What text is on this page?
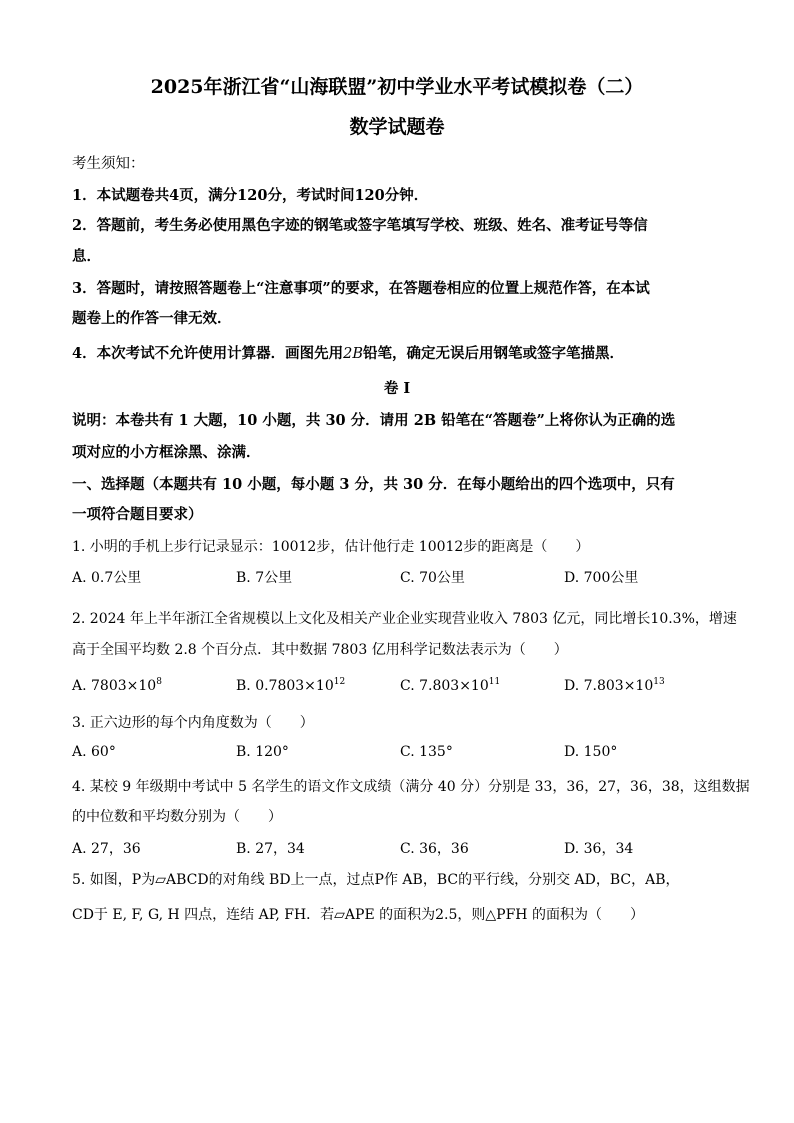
2025年浙江省“山海联盟”初中学业水平考试模拟卷（二）
数学试题卷
考生须知：
1．本试题卷共4页，满分120分，考试时间120分钟．
2．答题前，考生务必使用黑色字迹的钢笔或签字笔填写学校、班级、姓名、准考证号等信
息．
3．答题时，请按照答题卷上“注意事项”的要求，在答题卷相应的位置上规范作答，在本试
题卷上的作答一律无效．
4．本次考试不允许使用计算器．画图先用2B铅笔，确定无误后用钢笔或签字笔描黑．
卷 I
说明：本卷共有 1 大题，10 小题，共 30 分．请用 2B 铅笔在“答题卷”上将你认为正确的选
项对应的小方框涂黑、涂满．
一、选择题（本题共有 10 小题，每小题 3 分，共 30 分．在每小题给出的四个选项中，只有
一项符合题目要求）
1. 小明的手机上步行记录显示：10012步，估计他行走 10012步的距离是（　　）
A. 0.7公里	B. 7公里	C. 70公里	D. 700公里
2. 2024 年上半年浙江全省规模以上文化及相关产业企业实现营业收入 7803 亿元，同比增长10.3%，增速
高于全国平均数 2.8 个百分点．其中数据 7803 亿用科学记数法表示为（　　）
A. $7803\times 10^8$	B. $0.7803\times 10^{12}$	C. $7.803\times 10^{11}$	D. $7.803\times 10^{13}$
3. 正六边形的每个内角度数为（　　）
A. 60°	B. 120°	C. 135°	D. 150°
4. 某校 9 年级期中考试中 5 名学生的语文作文成绩（满分 40 分）分别是 33，36，27，36，38，这组数据
的中位数和平均数分别为（　　）
A. 27，36	B. 27，34	C. 36，36	D. 36，34
5. 如图，P为▱ABCD的对角线 BD上一点，过点P作 AB，BC的平行线，分别交 AD，BC，AB，
CD于 E, F, G, H 四点，连结 AP, FH．若▱APE 的面积为2.5，则△PFH 的面积为（　　）
